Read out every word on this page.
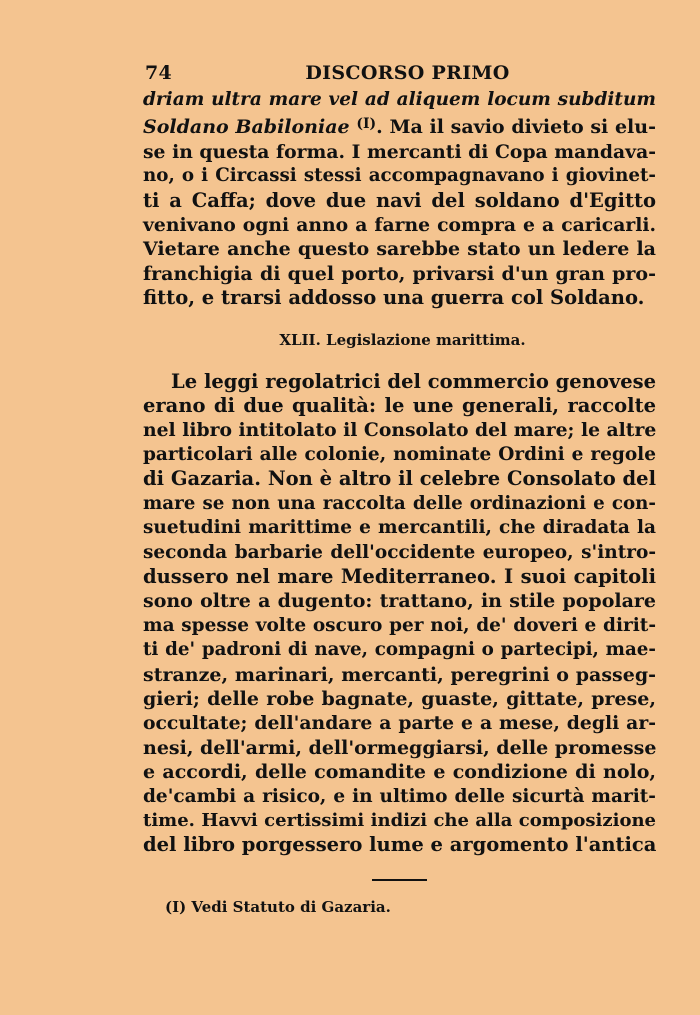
74	DISCORSO PRIMO
driam ultra mare vel ad aliquem locum subditum
Soldano Babiloniae $^{(I)}$. Ma il savio divieto si elu-
se in questa forma. I mercanti di Copa mandava-
no, o i Circassi stessi accompagnavano i giovinet-
ti a Caffa; dove due navi del soldano d'Egitto
venivano ogni anno a farne compra e a caricarli.
Vietare anche questo sarebbe stato un ledere la
franchigia di quel porto, privarsi d'un gran pro-
fitto, e trarsi addosso una guerra col Soldano.
XLII. Legislazione marittima.
Le leggi regolatrici del commercio genovese
erano di due qualità: le une generali, raccolte
nel libro intitolato il Consolato del mare; le altre
particolari alle colonie, nominate Ordini e regole
di Gazaria. Non è altro il celebre Consolato del
mare se non una raccolta delle ordinazioni e con-
suetudini marittime e mercantili, che diradata la
seconda barbarie dell'occidente europeo, s'intro-
dussero nel mare Mediterraneo. I suoi capitoli
sono oltre a dugento: trattano, in stile popolare
ma spesse volte oscuro per noi, de' doveri e dirit-
ti de' padroni di nave, compagni o partecipi, mae-
stranze, marinari, mercanti, peregrini o passeg-
gieri; delle robe bagnate, guaste, gittate, prese,
occultate; dell'andare a parte e a mese, degli ar-
nesi, dell'armi, dell'ormeggiarsi, delle promesse
e accordi, delle comandite e condizione di nolo,
de'cambi a risico, e in ultimo delle sicurtà marit-
time. Havvi certissimi indizi che alla composizione
del libro porgessero lume e argomento l'antica
(I) Vedi Statuto di Gazaria.
